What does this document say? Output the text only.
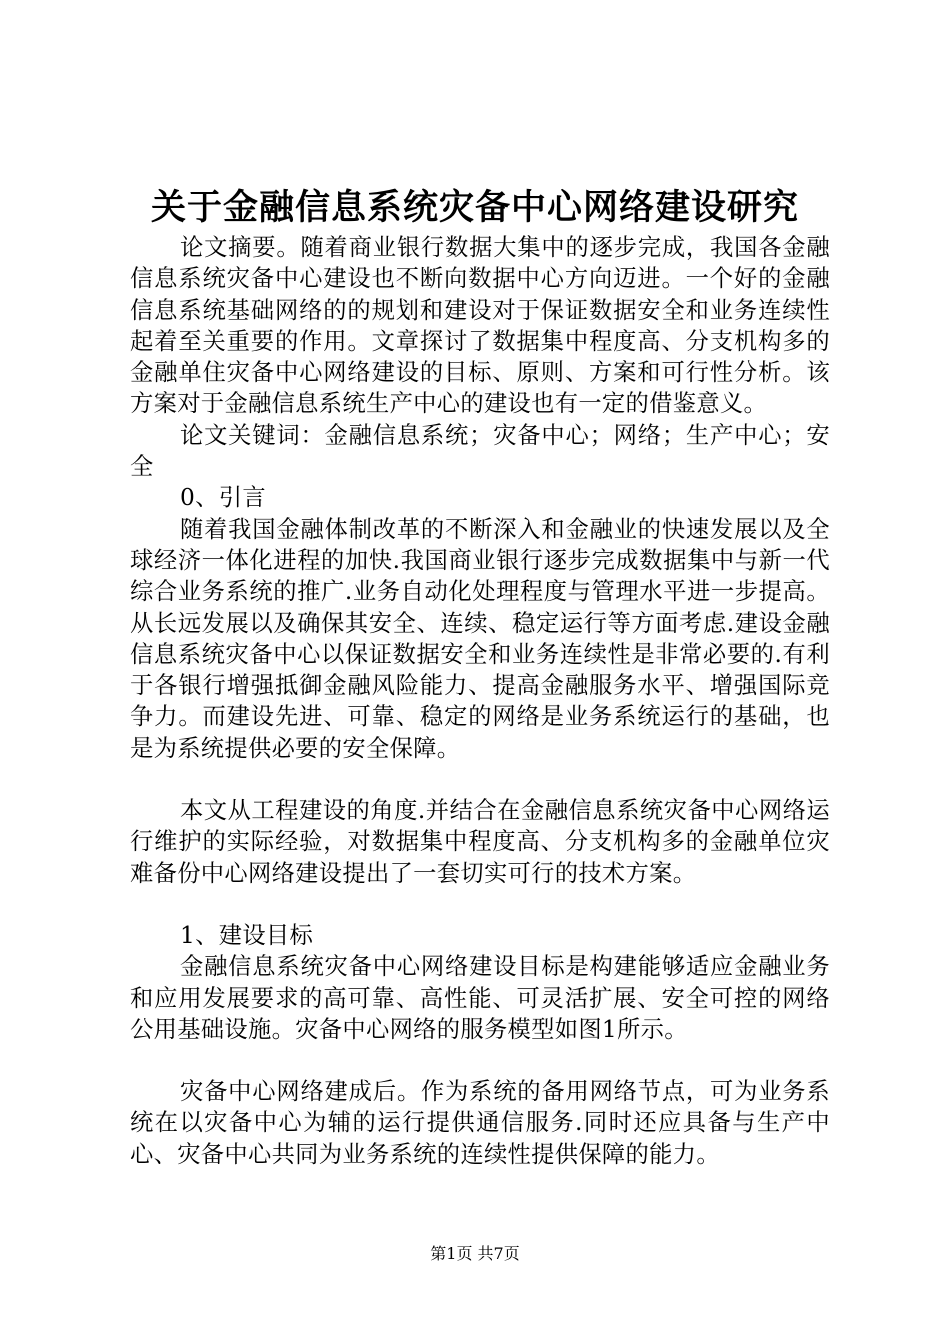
关于金融信息系统灾备中心网络建设研究

论文摘要。随着商业银行数据大集中的逐步完成，我国各金融信息系统灾备中心建设也不断向数据中心方向迈进。一个好的金融信息系统基础网络的的规划和建设对于保证数据安全和业务连续性起着至关重要的作用。文章探讨了数据集中程度高、分支机构多的金融单住灾备中心网络建设的目标、原则、方案和可行性分析。该方案对于金融信息系统生产中心的建设也有一定的借鉴意义。

论文关键词：金融信息系统；灾备中心；网络；生产中心；安全

0、引言

随着我国金融体制改革的不断深入和金融业的快速发展以及全球经济一体化进程的加快.我国商业银行逐步完成数据集中与新一代综合业务系统的推广.业务自动化处理程度与管理水平进一步提高。从长远发展以及确保其安全、连续、稳定运行等方面考虑.建设金融信息系统灾备中心以保证数据安全和业务连续性是非常必要的.有利于各银行增强抵御金融风险能力、提高金融服务水平、增强国际竞争力。而建设先进、可靠、稳定的网络是业务系统运行的基础，也是为系统提供必要的安全保障。

本文从工程建设的角度.并结合在金融信息系统灾备中心网络运行维护的实际经验，对数据集中程度高、分支机构多的金融单位灾难备份中心网络建设提出了一套切实可行的技术方案。

1、建设目标

金融信息系统灾备中心网络建设目标是构建能够适应金融业务和应用发展要求的高可靠、高性能、可灵活扩展、安全可控的网络公用基础设施。灾备中心网络的服务模型如图1所示。

灾备中心网络建成后。作为系统的备用网络节点，可为业务系统在以灾备中心为辅的运行提供通信服务.同时还应具备与生产中心、灾备中心共同为业务系统的连续性提供保障的能力。

第1页 共7页
